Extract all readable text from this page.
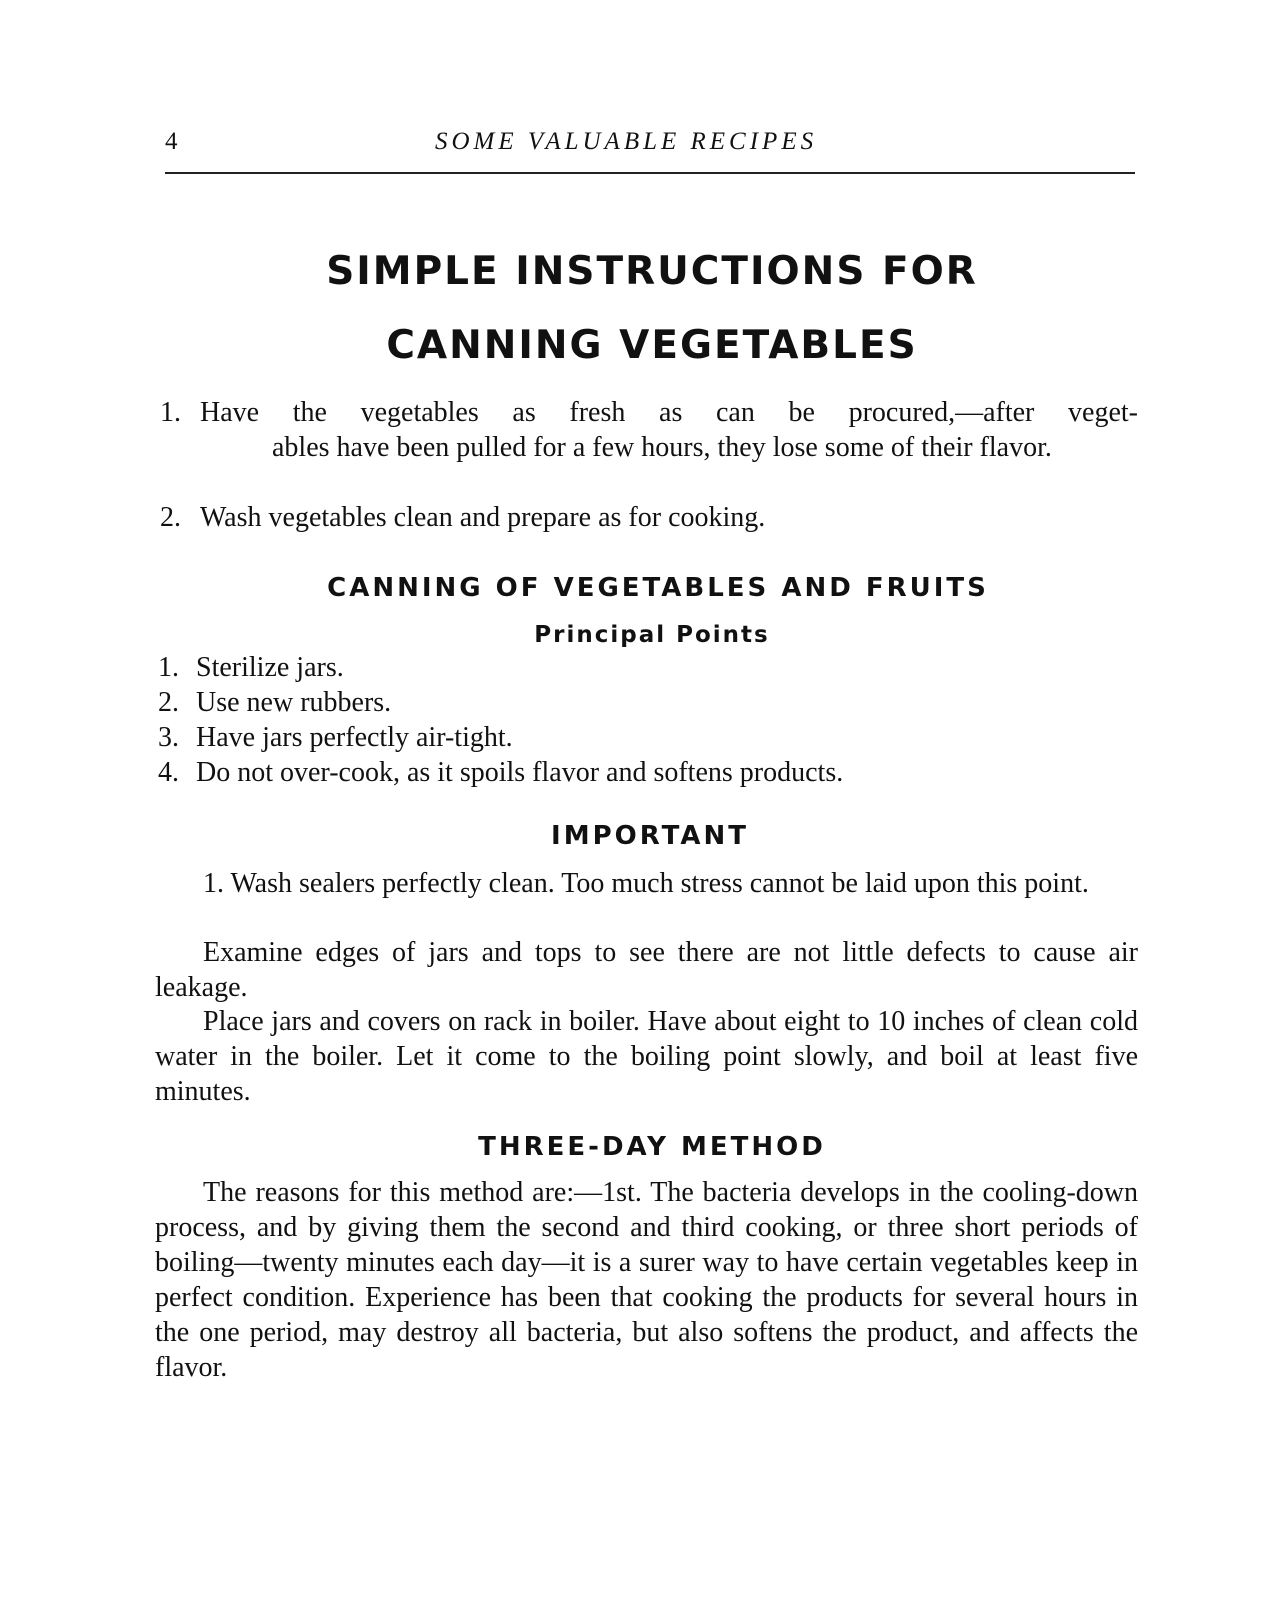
4	SOME VALUABLE RECIPES
SIMPLE INSTRUCTIONS FOR
CANNING VEGETABLES
1. Have the vegetables as fresh as can be procured,—after veget-
ables have been pulled for a few hours, they lose some of their flavor.
2. Wash vegetables clean and prepare as for cooking.
CANNING OF VEGETABLES AND FRUITS
Principal Points
1. Sterilize jars.
2. Use new rubbers.
3. Have jars perfectly air-tight.
4. Do not over-cook, as it spoils flavor and softens products.
IMPORTANT

1. Wash sealers perfectly clean. Too much stress cannot be laid upon this point.

Examine edges of jars and tops to see there are not little defects to cause air leakage.

Place jars and covers on rack in boiler. Have about eight to 10 inches of clean cold water in the boiler. Let it come to the boiling point slowly, and boil at least five minutes.

THREE-DAY METHOD

The reasons for this method are:—1st. The bacteria develops in the cooling-down process, and by giving them the second and third cooking, or three short periods of boiling—twenty minutes each day—it is a surer way to have certain vegetables keep in perfect condition. Experience has been that cooking the products for several hours in the one period, may destroy all bacteria, but also softens the product, and affects the flavor.
